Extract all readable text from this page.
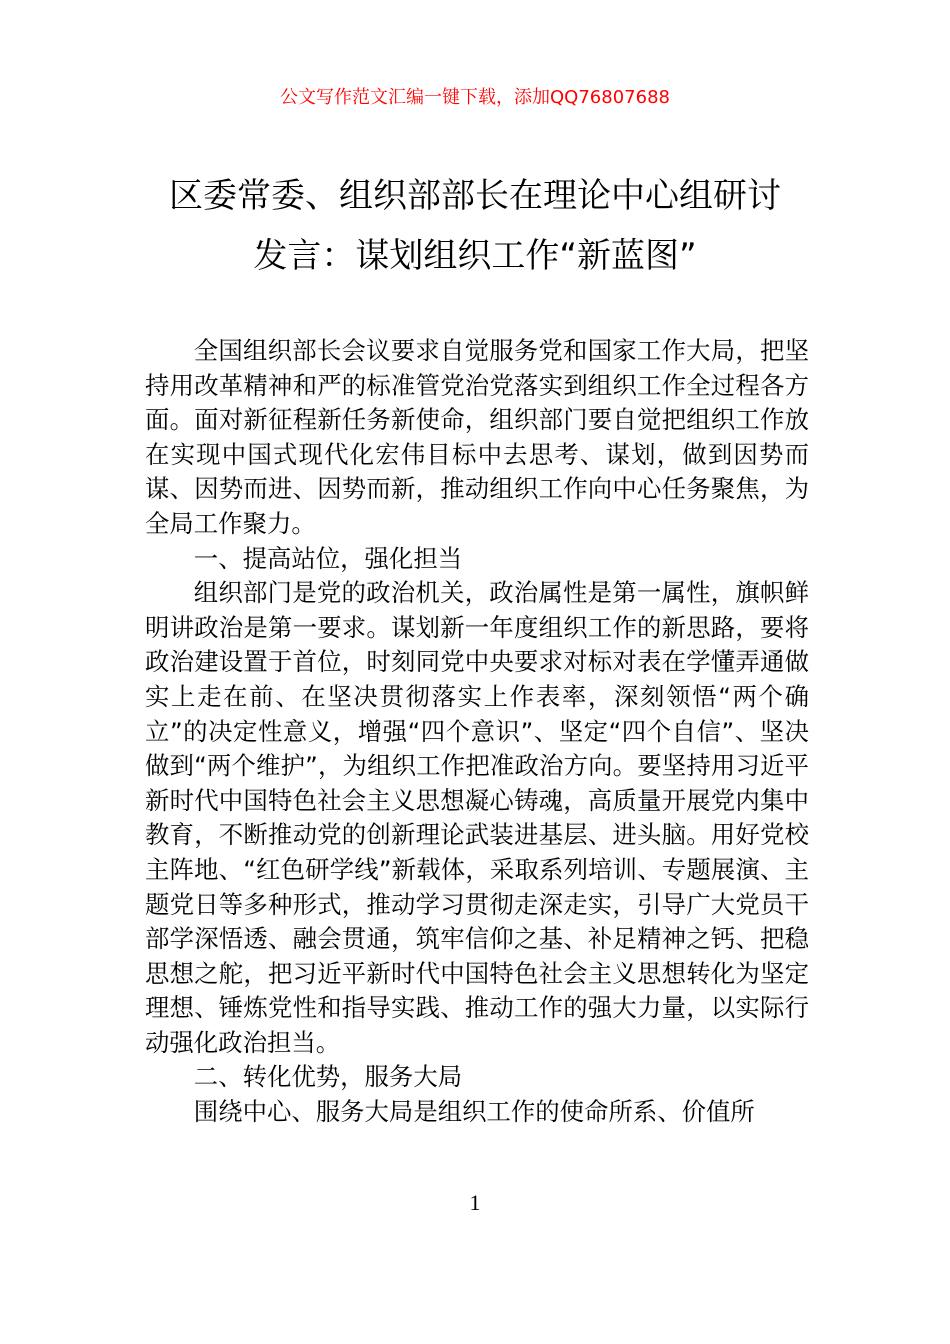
公文写作范文汇编一键下载，添加QQ76807688

区委常委、组织部部长在理论中心组研讨
发言：谋划组织工作“新蓝图”

全国组织部长会议要求自觉服务党和国家工作大局，把坚持用改革精神和严的标准管党治党落实到组织工作全过程各方面。面对新征程新任务新使命，组织部门要自觉把组织工作放在实现中国式现代化宏伟目标中去思考、谋划，做到因势而谋、因势而进、因势而新，推动组织工作向中心任务聚焦，为全局工作聚力。

一、提高站位，强化担当

组织部门是党的政治机关，政治属性是第一属性，旗帜鲜明讲政治是第一要求。谋划新一年度组织工作的新思路，要将政治建设置于首位，时刻同党中央要求对标对表在学懂弄通做实上走在前、在坚决贯彻落实上作表率，深刻领悟“两个确立”的决定性意义，增强“四个意识”、坚定“四个自信”、坚决做到“两个维护”，为组织工作把准政治方向。要坚持用习近平新时代中国特色社会主义思想凝心铸魂，高质量开展党内集中教育，不断推动党的创新理论武装进基层、进头脑。用好党校主阵地、“红色研学线”新载体，采取系列培训、专题展演、主题党日等多种形式，推动学习贯彻走深走实，引导广大党员干部学深悟透、融会贯通，筑牢信仰之基、补足精神之钙、把稳思想之舵，把习近平新时代中国特色社会主义思想转化为坚定理想、锤炼党性和指导实践、推动工作的强大力量，以实际行动强化政治担当。

二、转化优势，服务大局

围绕中心、服务大局是组织工作的使命所系、价值所

1
